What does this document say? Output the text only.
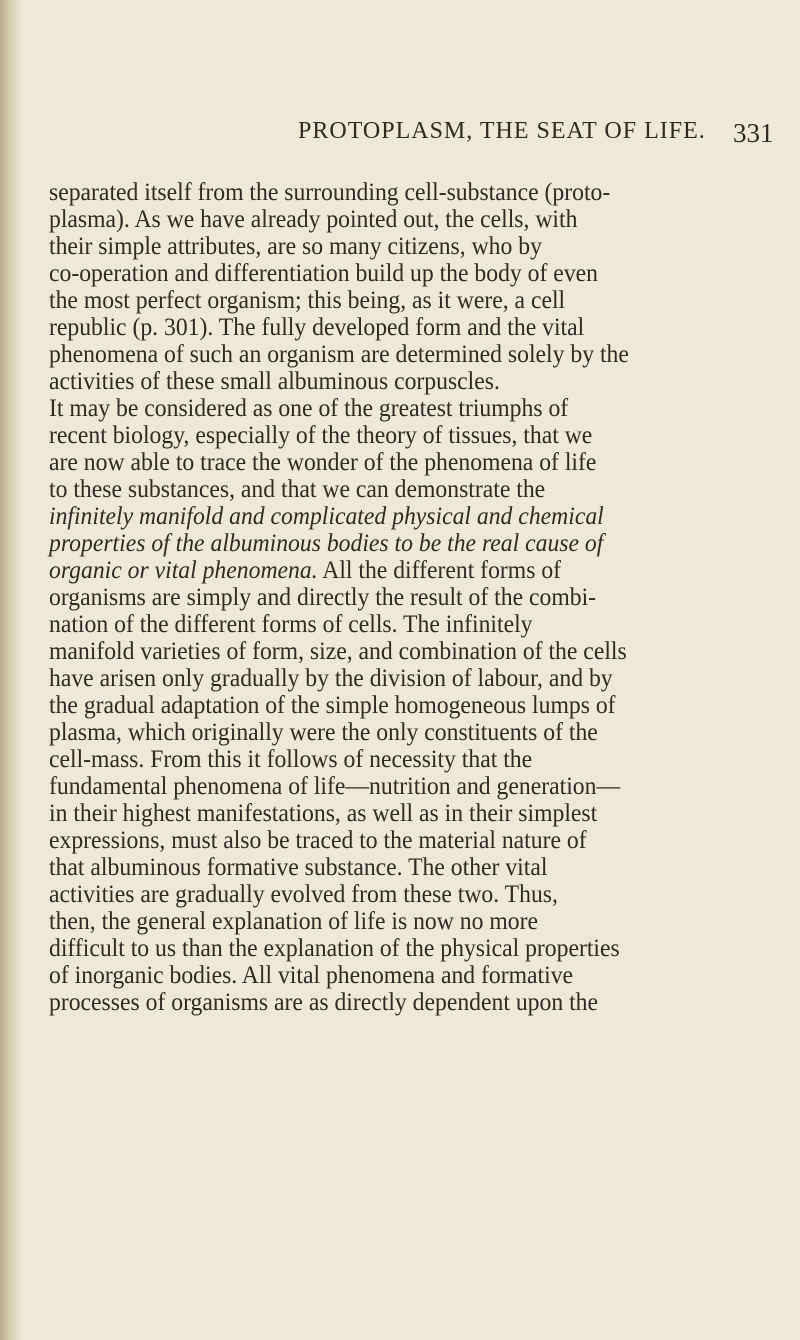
PROTOPLASM, THE SEAT OF LIFE. 331
separated itself from the surrounding cell-substance (proto-
plasma). As we have already pointed out, the cells, with
their simple attributes, are so many citizens, who by
co-operation and differentiation build up the body of even
the most perfect organism; this being, as it were, a cell
republic (p. 301). The fully developed form and the vital
phenomena of such an organism are determined solely by the
activities of these small albuminous corpuscles.
It may be considered as one of the greatest triumphs of
recent biology, especially of the theory of tissues, that we
are now able to trace the wonder of the phenomena of life
to these substances, and that we can demonstrate the
infinitely manifold and complicated physical and chemical
properties of the albuminous bodies to be the real cause of
organic or vital phenomena. All the different forms of
organisms are simply and directly the result of the combi-
nation of the different forms of cells. The infinitely
manifold varieties of form, size, and combination of the cells
have arisen only gradually by the division of labour, and by
the gradual adaptation of the simple homogeneous lumps of
plasma, which originally were the only constituents of the
cell-mass. From this it follows of necessity that the
fundamental phenomena of life—nutrition and generation—
in their highest manifestations, as well as in their simplest
expressions, must also be traced to the material nature of
that albuminous formative substance. The other vital
activities are gradually evolved from these two. Thus,
then, the general explanation of life is now no more
difficult to us than the explanation of the physical properties
of inorganic bodies. All vital phenomena and formative
processes of organisms are as directly dependent upon the
